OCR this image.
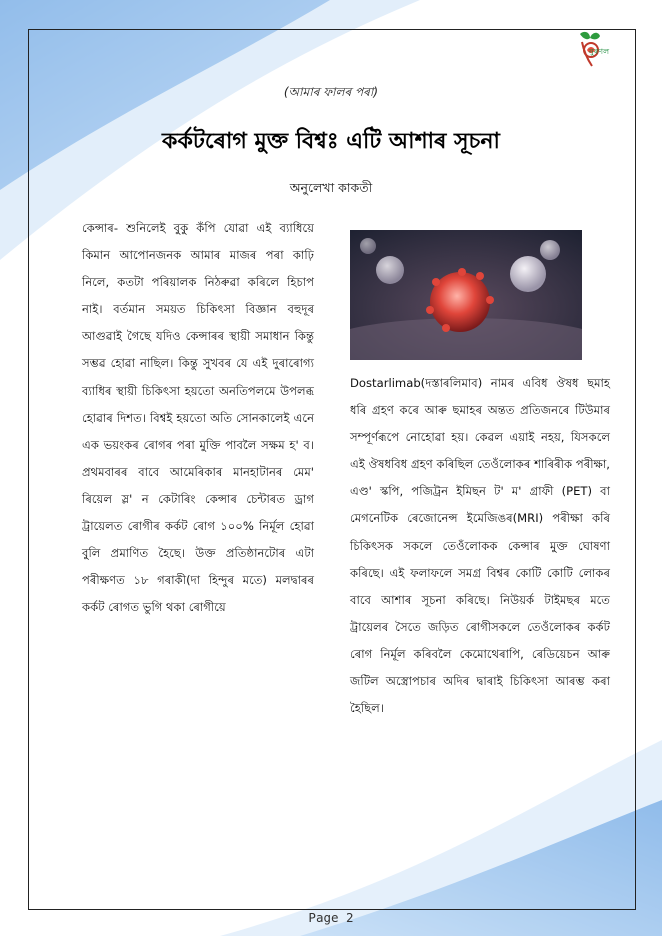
নুৰণল
(আমাৰ ফালৰ পৰা)
কৰ্কটৰোগ মুক্ত বিশ্বঃ এটি আশাৰ সূচনা
অনুলেখা কাকতী
কেন্সাৰ- শুনিলেই বুকু কঁপি যোৱা এই ব্যাধিয়ে কিমান আপোনজনক আমাৰ মাজৰ পৰা কাঢ়ি নিলে, কতটা পৰিয়ালক নিঠৰুৱা কৰিলে হিচাপ নাই। বৰ্তমান সময়ত চিকিৎসা বিজ্ঞান বহুদূৰ আগুৱাই গৈছে যদিও কেন্সাৰৰ স্থায়ী সমাধান কিন্তু সম্ভৱ হোৱা নাছিল। কিন্তু সুখবৰ যে এই দুৰাৰোগ্য ব্যাধিৰ স্থায়ী চিকিৎসা হয়তো অনতিপলমে উপলব্ধ হোৱাৰ দিশত। বিশ্বই হয়তো অতি সোনকালেই এনে এক ভয়ংকৰ ৰোগৰ পৰা মুক্তি পাবলৈ সক্ষম হ' ব। প্ৰথমবাৰৰ বাবে আমেৰিকাৰ মানহাটানৰ মেম' ৰিয়েল স্ল' ন কেটাৰিং কেন্সাৰ চেন্টাৰত ড্ৰাগ ট্ৰায়েলত ৰোগীৰ কৰ্কট ৰোগ ১০০% নিৰ্মূল হোৱা বুলি প্ৰমাণিত হৈছে। উক্ত প্ৰতিষ্ঠানটোৰ এটা পৰীক্ষণত ১৮ গৰাকী(দা হিন্দুৰ মতে) মলদ্বাৰৰ কৰ্কট ৰোগত ভুগি থকা ৰোগীয়ে
Dostarlimab(দস্তাৰলিমাব) নামৰ এবিধ ঔষধ ছমাহ ধৰি গ্ৰহণ কৰে আৰু ছমাহৰ অন্তত প্ৰতিজনৰে টিউমাৰ সম্পূৰ্ণৰূপে নোহোৱা হয়। কেৱল এয়াই নহয়, যিসকলে এই ঔষধবিধ গ্ৰহণ কৰিছিল তেওঁলোকৰ শাৰিৰীক পৰীক্ষা, এণ্ড' স্কপি, পজিট্ৰন ইমিছন ট' ম' গ্ৰাফী (PET) বা মেগনেটিক ৰেজোনেন্স ইমেজিঙৰ(MRI) পৰীক্ষা কৰি চিকিৎসক সকলে তেওঁলোকক কেন্সাৰ মুক্ত ঘোষণা কৰিছে। এই ফলাফলে সমগ্ৰ বিশ্বৰ কোটি কোটি লোকৰ বাবে আশাৰ সূচনা কৰিছে। নিউয়ৰ্ক টাইমছৰ মতে ট্ৰায়েলৰ সৈতে জড়িত ৰোগীসকলে তেওঁলোকৰ কৰ্কট ৰোগ নিৰ্মূল কৰিবলৈ কেমোথেৰাপি, ৰেডিয়েচন আৰু জটিল অস্ত্ৰোপচাৰ অদিৰ দ্বাৰাই চিকিৎসা আৰম্ভ কৰা হৈছিল।
Page 2
